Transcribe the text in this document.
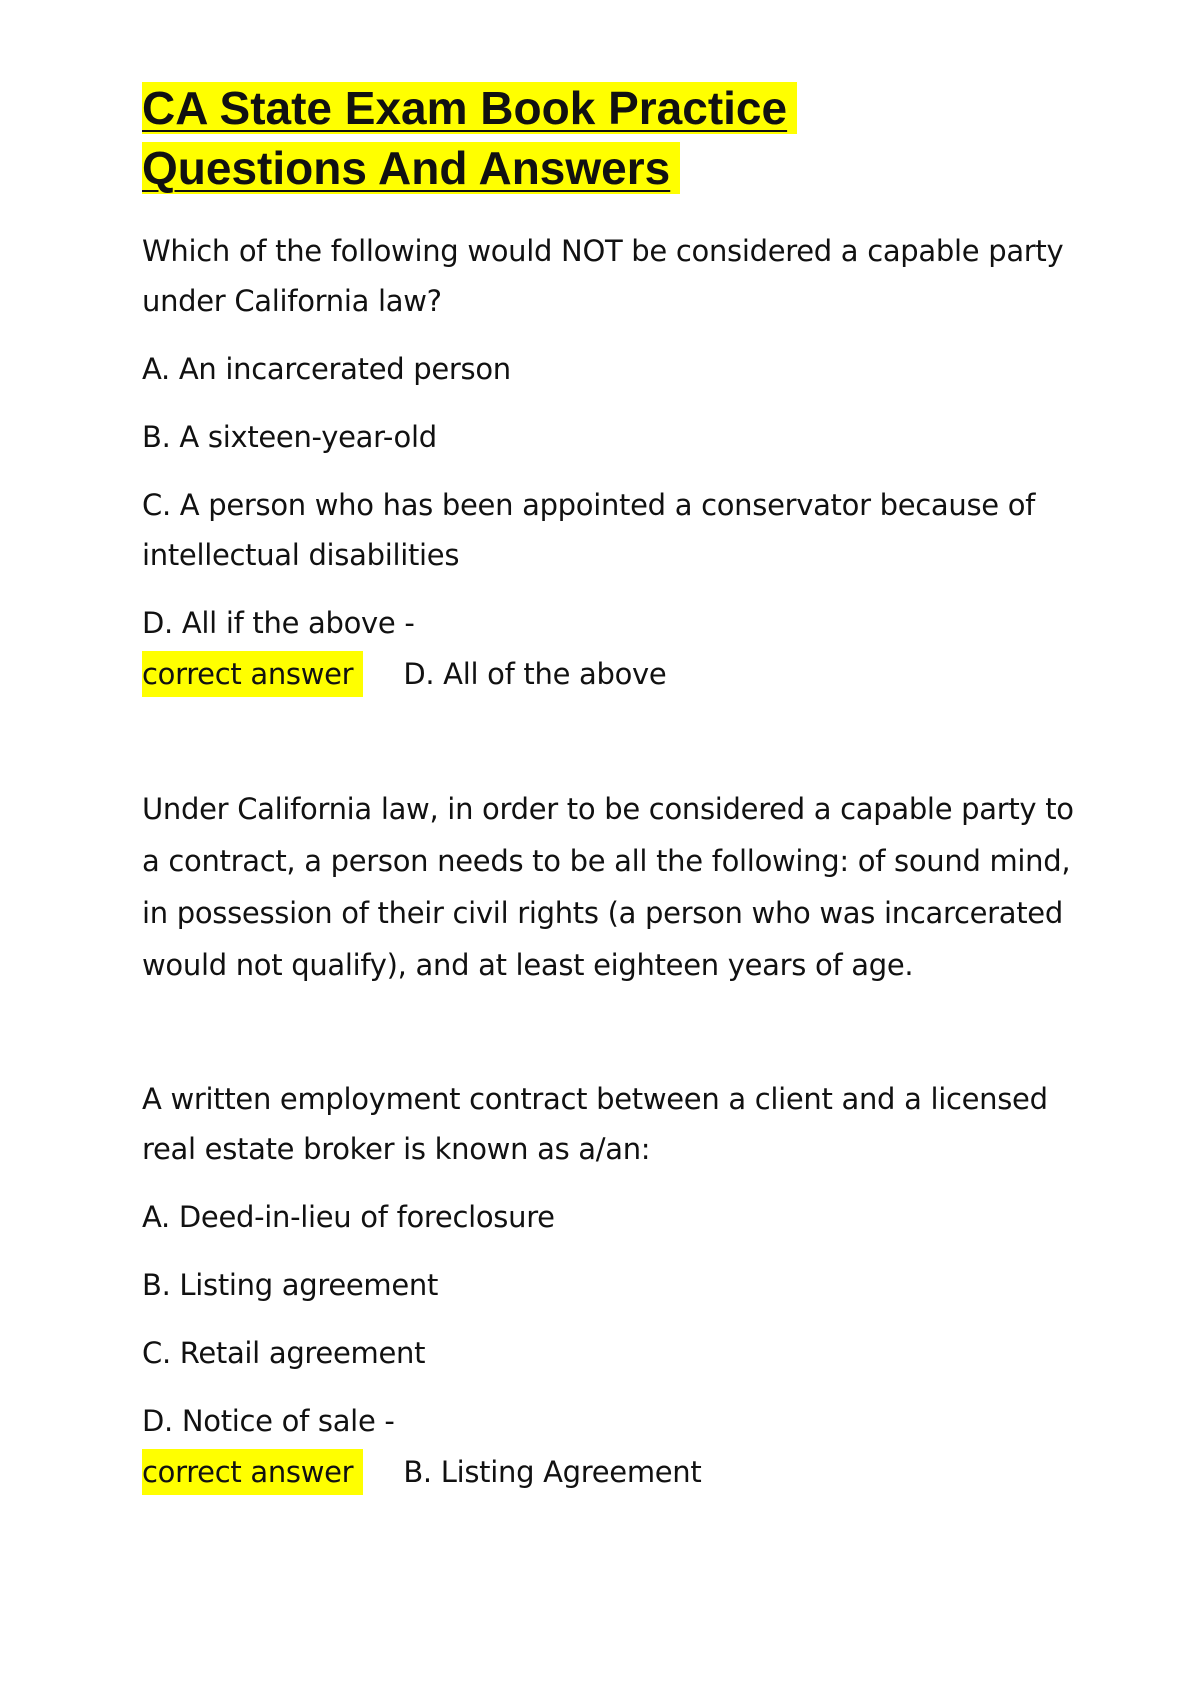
CA State Exam Book Practice
Questions And Answers

Which of the following would NOT be considered a capable party under California law?

A. An incarcerated person

B. A sixteen-year-old

C. A person who has been appointed a conservator because of intellectual disabilities

D. All if the above -

correct answer	D. All of the above

Under California law, in order to be considered a capable party to a contract, a person needs to be all the following: of sound mind, in possession of their civil rights (a person who was incarcerated would not qualify), and at least eighteen years of age.

A written employment contract between a client and a licensed real estate broker is known as a/an:

A. Deed-in-lieu of foreclosure

B. Listing agreement

C. Retail agreement

D. Notice of sale -

correct answer	B. Listing Agreement
